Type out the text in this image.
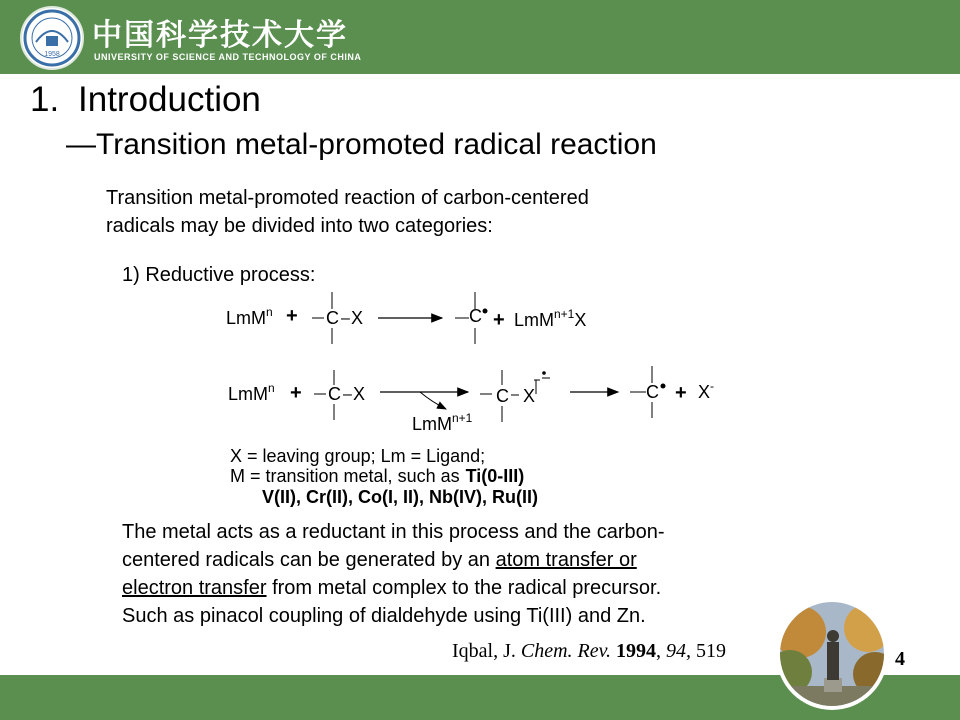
1958
中国科学技术大学
UNIVERSITY OF SCIENCE AND TECHNOLOGY OF CHINA
1. Introduction
—Transition metal-promoted radical reaction
Transition metal-promoted reaction of carbon-centered
radicals may be divided into two categories:
1) Reductive process:
LmM$^n$ + C – X	C + LmM$^{n+1}$X
LmM$^n$ + C – X
LmM$^{n+1}$
C X	C + X-
X = leaving group; Lm = Ligand;
M = transition metal, such as Ti(0-III)
V(II), Cr(II), Co(I, II), Nb(IV), Ru(II)
The metal acts as a reductant in this process and the carbon-
centered radicals can be generated by an atom transfer or
electron transfer from metal complex to the radical precursor.
Such as pinacol coupling of dialdehyde using Ti(III) and Zn.
Iqbal, J. Chem. Rev. 1994, 94, 519	4
